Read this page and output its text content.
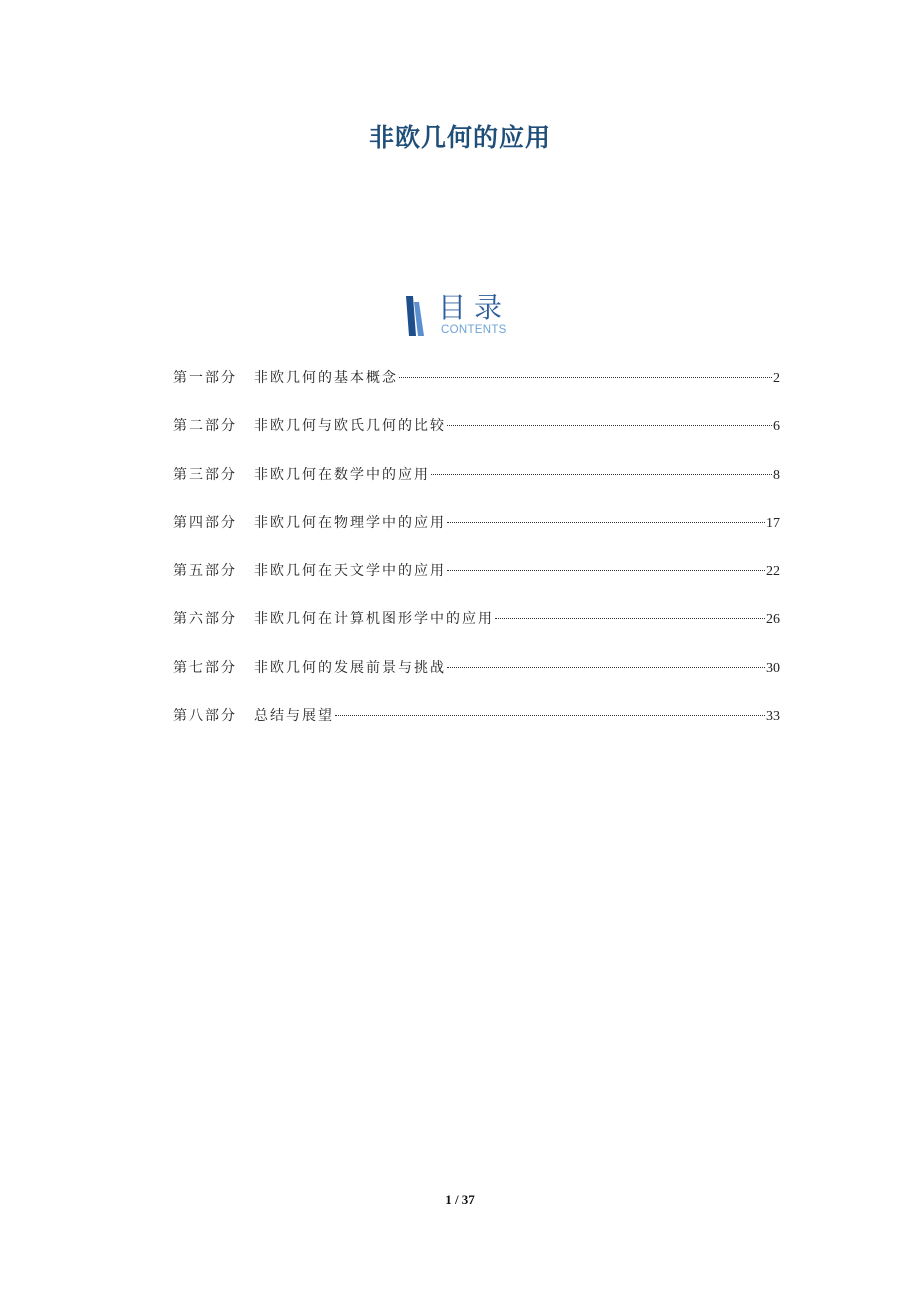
非欧几何的应用
目录
CONTENTS
第一部分	非欧几何的基本概念	2
第二部分	非欧几何与欧氏几何的比较	6
第三部分	非欧几何在数学中的应用	8
第四部分	非欧几何在物理学中的应用	17
第五部分	非欧几何在天文学中的应用	22
第六部分	非欧几何在计算机图形学中的应用	26
第七部分	非欧几何的发展前景与挑战	30
第八部分	总结与展望	33
1 / 37
